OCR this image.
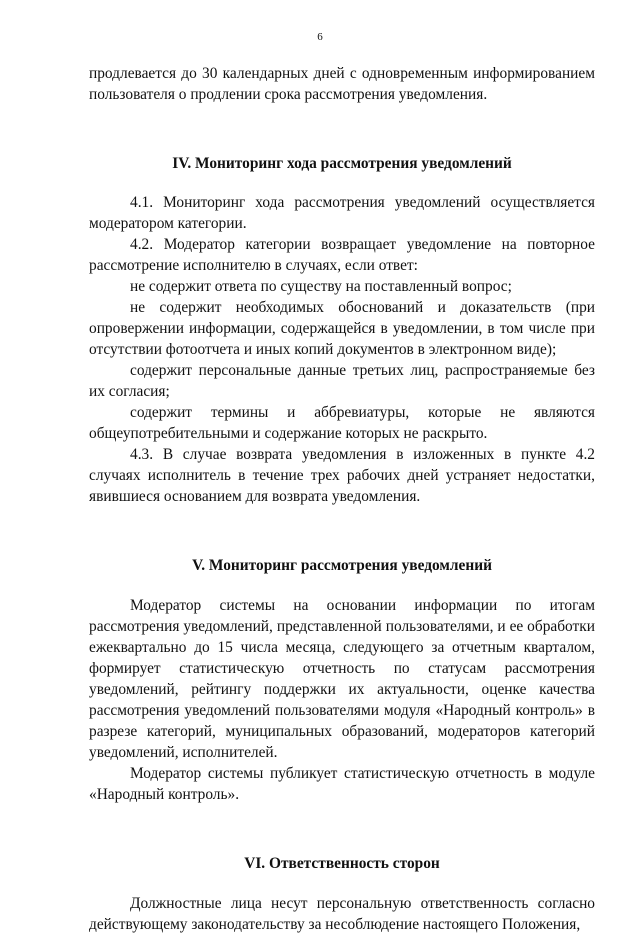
6

продлевается до 30 календарных дней с одновременным информированием пользователя о продлении срока рассмотрения уведомления.

IV. Мониторинг хода рассмотрения уведомлений

4.1. Мониторинг хода рассмотрения уведомлений осуществляется модератором категории.

4.2. Модератор категории возвращает уведомление на повторное рассмотрение исполнителю в случаях, если ответ:

не содержит ответа по существу на поставленный вопрос;

не содержит необходимых обоснований и доказательств (при опровержении информации, содержащейся в уведомлении, в том числе при отсутствии фотоотчета и иных копий документов в электронном виде);

содержит персональные данные третьих лиц, распространяемые без их согласия;

содержит термины и аббревиатуры, которые не являются общеупотребительными и содержание которых не раскрыто.

4.3. В случае возврата уведомления в изложенных в пункте 4.2 случаях исполнитель в течение трех рабочих дней устраняет недостатки, явившиеся основанием для возврата уведомления.

V. Мониторинг рассмотрения уведомлений

Модератор системы на основании информации по итогам рассмотрения уведомлений, представленной пользователями, и ее обработки ежеквартально до 15 числа месяца, следующего за отчетным кварталом, формирует статистическую отчетность по статусам рассмотрения уведомлений, рейтингу поддержки их актуальности, оценке качества рассмотрения уведомлений пользователями модуля «Народный контроль» в разрезе категорий, муниципальных образований, модераторов категорий уведомлений, исполнителей.

Модератор системы публикует статистическую отчетность в модуле «Народный контроль».

VI. Ответственность сторон

Должностные лица несут персональную ответственность согласно действующему законодательству за несоблюдение настоящего Положения,
